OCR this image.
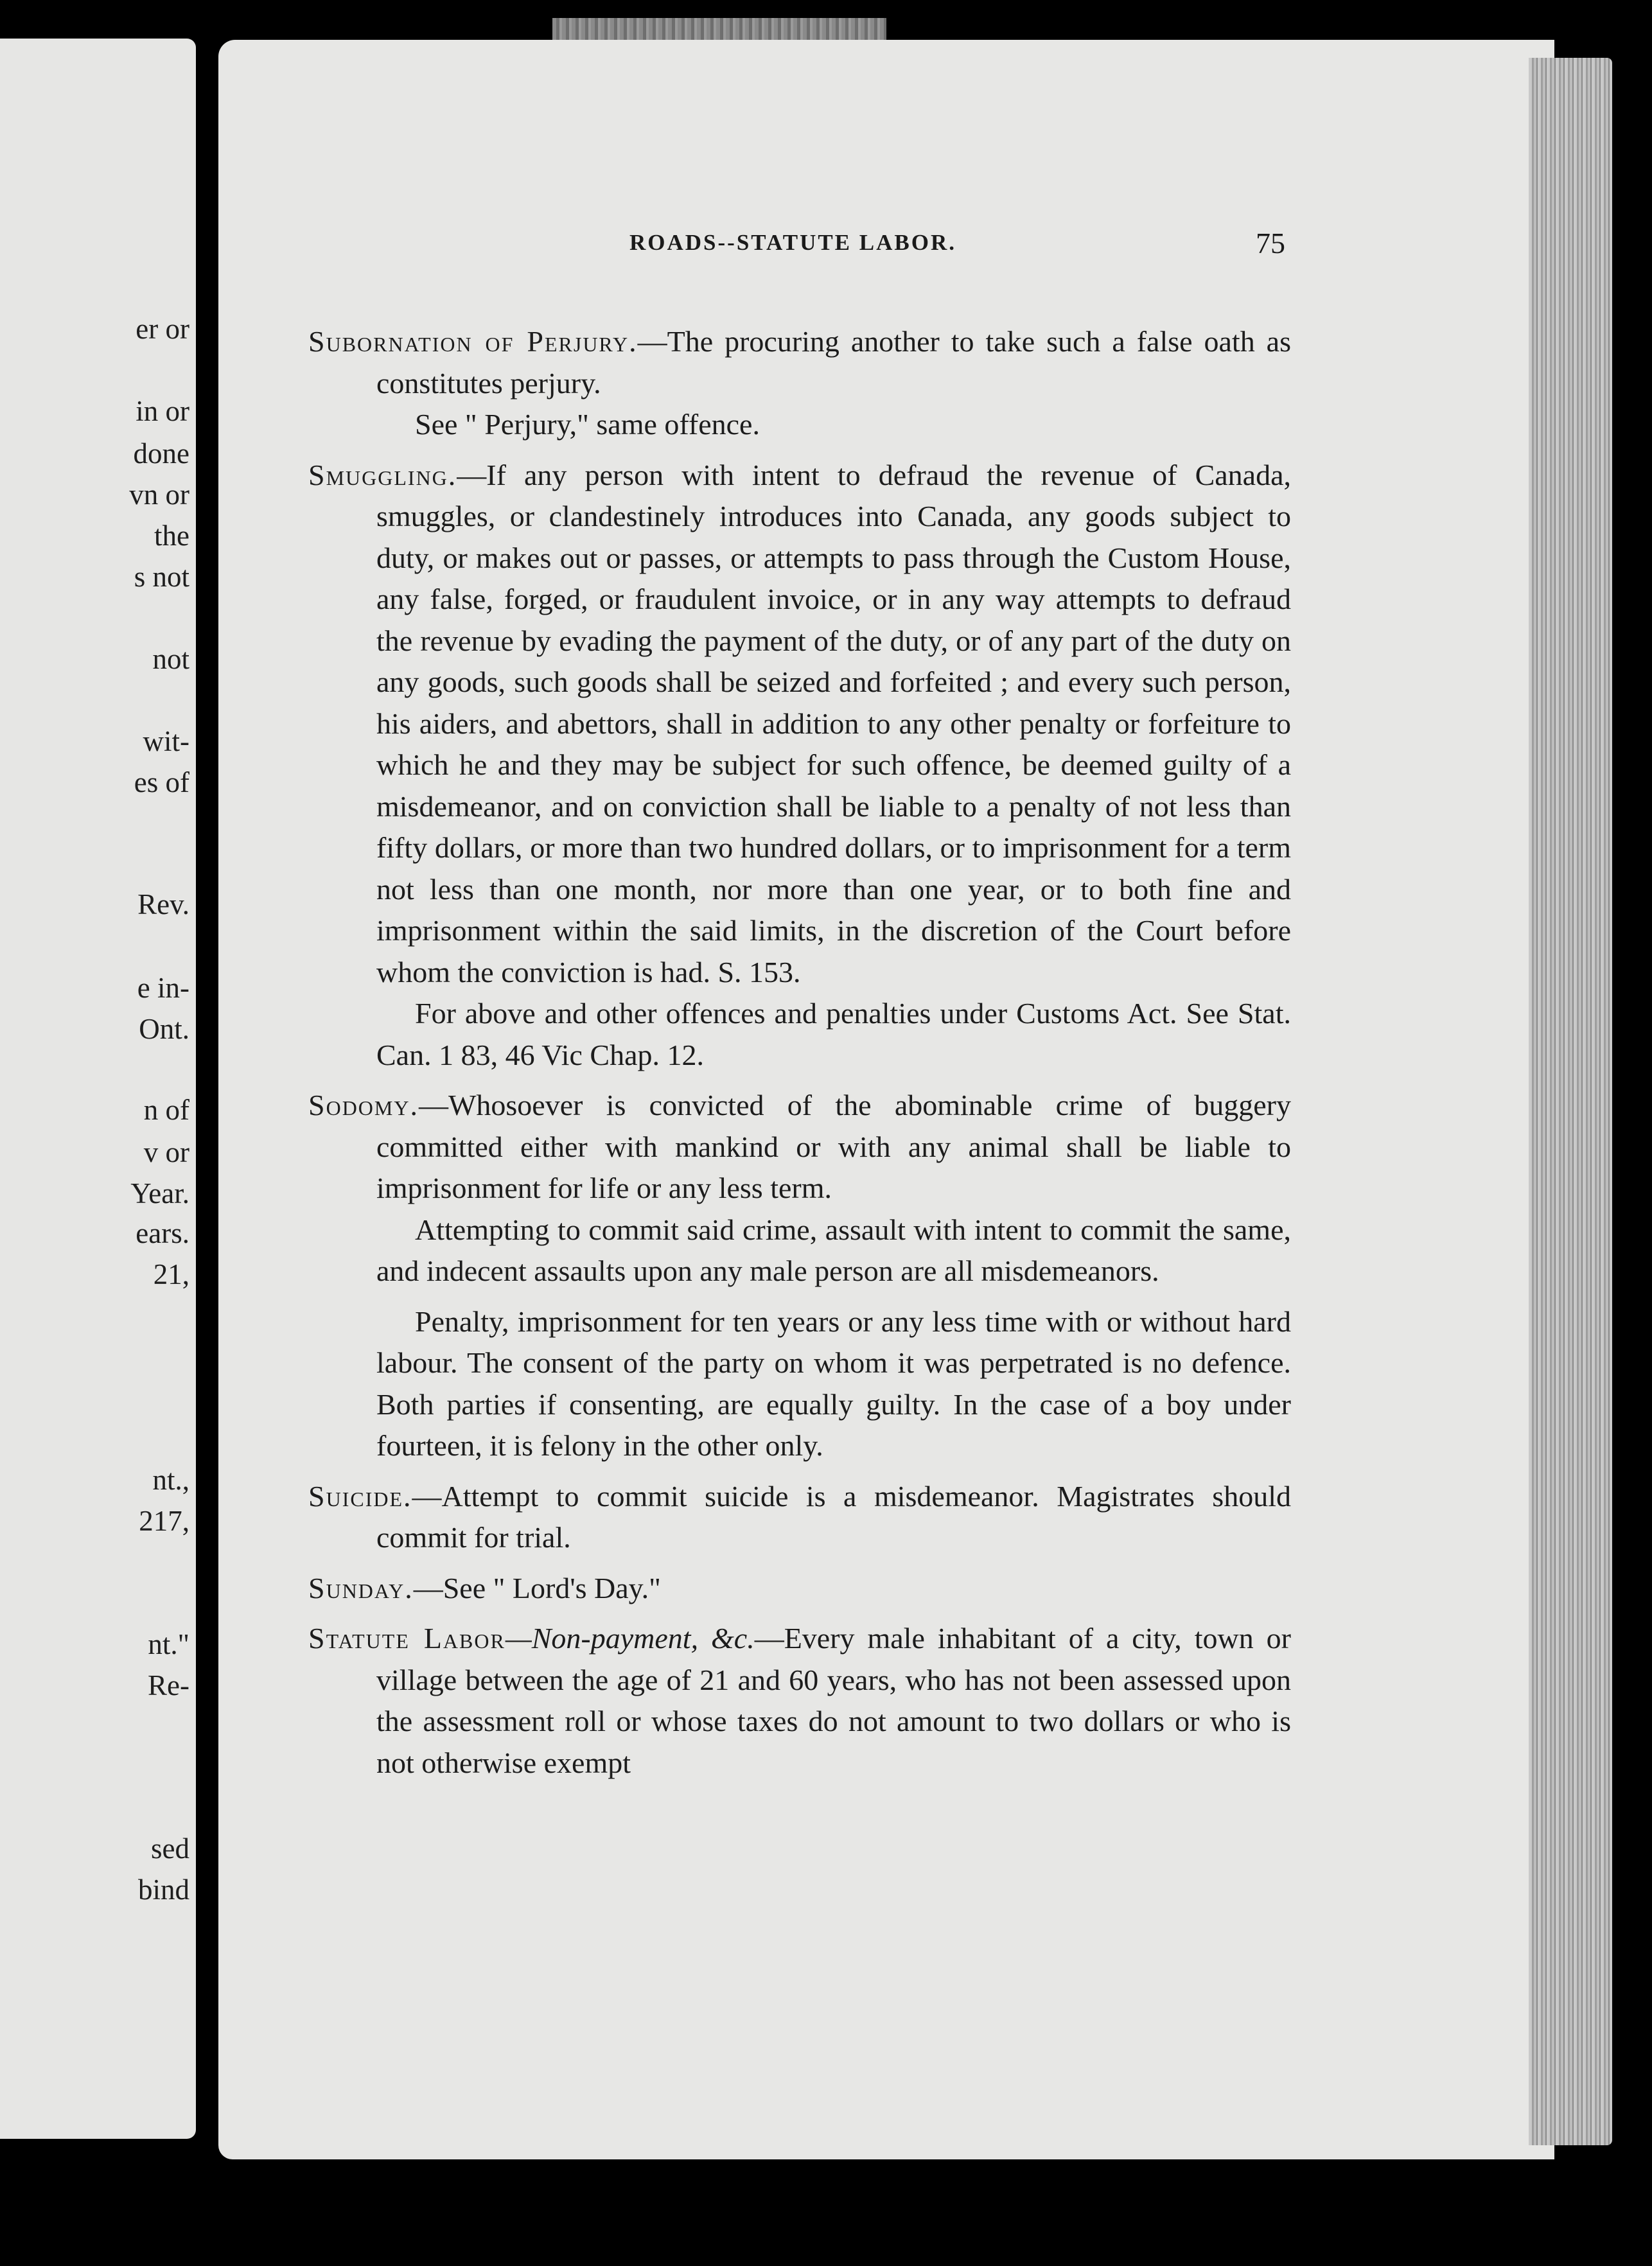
er or
in or
done
vn or
the
s not
not
wit-
es of
Rev.
e in-
Ont.
n of
v or
Year.
ears.
21,
nt.,
217,
nt."
Re-
sed
bind
ROADS--STATUTE LABOR.	75

Subornation of Perjury.—The procuring another to take such a false oath as constitutes perjury.

See " Perjury," same offence.

Smuggling.—If any person with intent to defraud the revenue of Canada, smuggles, or clandestinely introduces into Canada, any goods subject to duty, or makes out or passes, or attempts to pass through the Custom House, any false, forged, or fraudulent invoice, or in any way attempts to defraud the revenue by evading the payment of the duty, or of any part of the duty on any goods, such goods shall be seized and forfeited ; and every such person, his aiders, and abettors, shall in addition to any other penalty or forfeiture to which he and they may be subject for such offence, be deemed guilty of a misdemeanor, and on conviction shall be liable to a penalty of not less than fifty dollars, or more than two hundred dollars, or to imprisonment for a term not less than one month, nor more than one year, or to both fine and imprisonment within the said limits, in the discretion of the Court before whom the conviction is had. S. 153.

For above and other offences and penalties under Customs Act. See Stat. Can. 1 83, 46 Vic Chap. 12.

Sodomy.—Whosoever is convicted of the abominable crime of buggery committed either with mankind or with any animal shall be liable to imprisonment for life or any less term.

Attempting to commit said crime, assault with intent to commit the same, and indecent assaults upon any male person are all misdemeanors.

Penalty, imprisonment for ten years or any less time with or without hard labour. The consent of the party on whom it was perpetrated is no defence. Both parties if consenting, are equally guilty. In the case of a boy under fourteen, it is felony in the other only.

Suicide.—Attempt to commit suicide is a misdemeanor. Magistrates should commit for trial.

Sunday.—See " Lord's Day."

Statute Labor—Non-payment, &c.—Every male inhabitant of a city, town or village between the age of 21 and 60 years, who has not been assessed upon the assessment roll or whose taxes do not amount to two dollars or who is not otherwise exempt
